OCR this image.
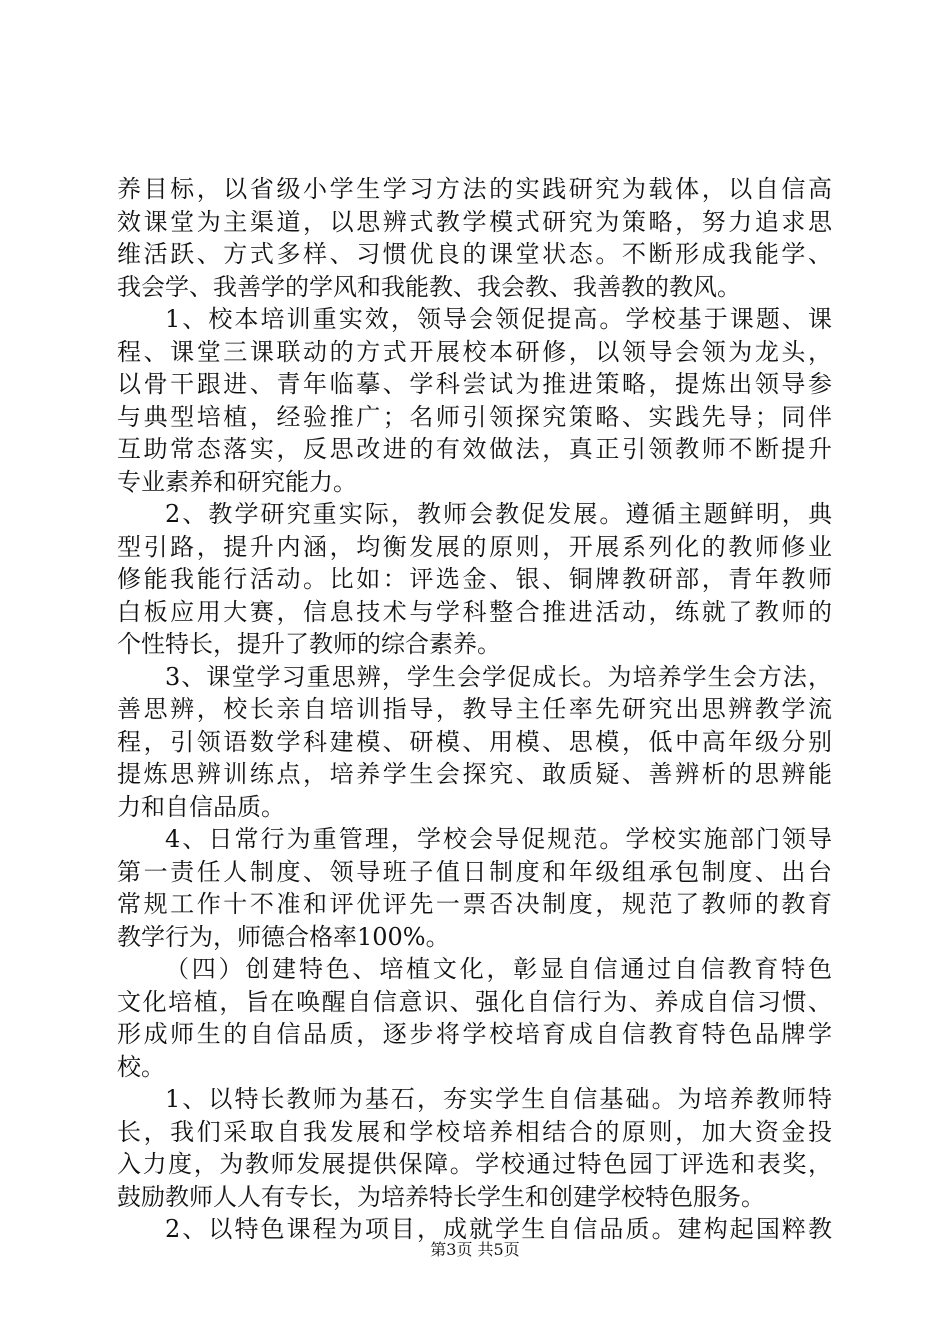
养目标，以省级小学生学习方法的实践研究为载体，以自信高
效课堂为主渠道，以思辨式教学模式研究为策略，努力追求思
维活跃、方式多样、习惯优良的课堂状态。不断形成我能学、
我会学、我善学的学风和我能教、我会教、我善教的教风。
1、校本培训重实效，领导会领促提高。学校基于课题、课
程、课堂三课联动的方式开展校本研修，以领导会领为龙头，
以骨干跟进、青年临摹、学科尝试为推进策略，提炼出领导参
与典型培植，经验推广；名师引领探究策略、实践先导；同伴
互助常态落实，反思改进的有效做法，真正引领教师不断提升
专业素养和研究能力。
2、教学研究重实际，教师会教促发展。遵循主题鲜明，典
型引路，提升内涵，均衡发展的原则，开展系列化的教师修业
修能我能行活动。比如：评选金、银、铜牌教研部，青年教师
白板应用大赛，信息技术与学科整合推进活动，练就了教师的
个性特长，提升了教师的综合素养。
3、课堂学习重思辨，学生会学促成长。为培养学生会方法，
善思辨，校长亲自培训指导，教导主任率先研究出思辨教学流
程，引领语数学科建模、研模、用模、思模，低中高年级分别
提炼思辨训练点，培养学生会探究、敢质疑、善辨析的思辨能
力和自信品质。
4、日常行为重管理，学校会导促规范。学校实施部门领导
第一责任人制度、领导班子值日制度和年级组承包制度、出台
常规工作十不准和评优评先一票否决制度，规范了教师的教育
教学行为，师德合格率100%。
（四）创建特色、培植文化，彰显自信通过自信教育特色
文化培植，旨在唤醒自信意识、强化自信行为、养成自信习惯、
形成师生的自信品质，逐步将学校培育成自信教育特色品牌学
校。
1、以特长教师为基石，夯实学生自信基础。为培养教师特
长，我们采取自我发展和学校培养相结合的原则，加大资金投
入力度，为教师发展提供保障。学校通过特色园丁评选和表奖，
鼓励教师人人有专长，为培养特长学生和创建学校特色服务。
2、以特色课程为项目，成就学生自信品质。建构起国粹教
第3页 共5页
